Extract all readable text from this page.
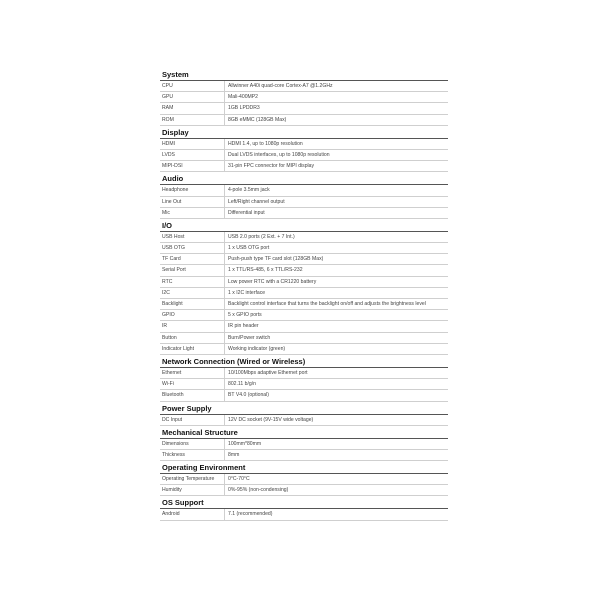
System
CPU	Allwinner A40i quad-core Cortex-A7 @1.2GHz
GPU	Mali-400MP2
RAM	1GB LPDDR3
ROM	8GB eMMC (128GB Max)
Display
HDMI	HDMI 1.4, up to 1080p resolution
LVDS	Dual LVDS interfaces, up to 1080p resolution
MIPI-DSI	31-pin FPC connector for MIPI display
Audio
Headphone	4-pole 3.5mm jack
Line Out	Left/Right channel output
Mic	Differential input
I/O
USB Host	USB 2.0 ports (2 Ext. + 7 Int.)
USB OTG	1 x USB OTG port
TF Card	Push-push type TF card slot (128GB Max)
Serial Port	1 x TTL/RS-485, 6 x TTL/RS-232
RTC	Low power RTC with a CR1220 battery
I2C	1 x I2C interface
Backlight	Backlight control interface that turns the backlight on/off and adjusts the brightness level
GPIO	5 x GPIO ports
IR	IR pin header
Button	Burn/Power switch
Indicator Light	Working indicator (green)
Network Connection (Wired or Wireless)
Ethernet	10/100Mbps adaptive Ethernet port
Wi-Fi	802.11 b/g/n
Bluetooth	BT V4.0 (optional)
Power Supply
DC Input	12V DC socket (9V-15V wide voltage)
Mechanical Structure
Dimensions	100mm*80mm
Thickness	8mm
Operating Environment
Operating Temperature	0°C-70°C
Humidity	0%-95% (non-condensing)
OS Support
Android	7.1 (recommended)
